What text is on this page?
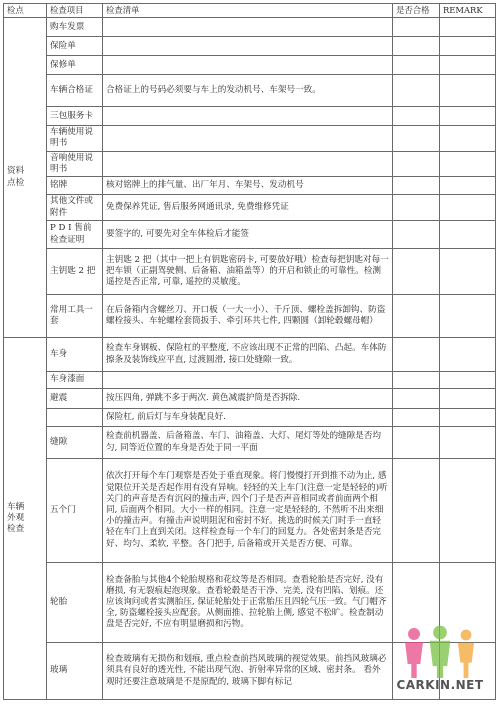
检点	检查项目	检查清单	是否合格	REMARK
资料
点检	购车发票			
	保险单			
	保修单			
	车辆合格证	合格证上的号码必须要与车上的发动机号、车架号一致。		
	三包服务卡			
	车辆使用说明书			
	音响使用说明书			
	铭牌	核对铭牌上的排气量、出厂年月、车架号、发动机号		
	其他文件或附件	免费保养凭证, 售后服务网通讯录, 免费维修凭证		
	P D I 售前检查证明	要签字的, 可要先对全车体检后才能签		
	主钥匙 2 把	主钥匙 2 把（其中一把上有钥匙密码卡, 可要放好哦）检查每把钥匙对每一把车锁（正副驾驶侧、后备箱、油箱盖等）的开启和锁止的可靠性。检测遥控是否正常, 可靠, 遥控的灵敏度。		
	常用工具一套	在后备箱内含螺丝刀、开口板（一大一小）、千斤顶、螺栓盖拆卸钩、防盗螺栓接头、车轮螺栓套筒扳手、牵引环共七件, 四颗圆（卸轮毂螺母帽）		
车辆
外观
检查	车身	检查车身钢板、保险杠的平整度, 不应该出现不正常的凹陷、凸起。车体防擦条及装饰线应平直, 过渡圆滑, 接口处缝隙一致。		
	车身漆面			
	避震	按压四角, 弹跳不多于两次. 黄色减震护筒是否拆除.		
		保险杠, 前后灯与车身装配良好.		
	缝隙	检查前机器盖、后备箱盖、车门、油箱盖、大灯、尾灯等处的缝隙是否均匀, 同等近位置的车身是否处于同一平面		
	五个门	依次打开每个车门观察是否处于垂直现象。将门慢慢打开到推不动为止, 感觉限位开关是否起作用有没有异响。轻轻的关上车门(注意一定是轻轻的)听关门的声音是否有沉闷的撞击声, 四个门子是否声音相同或者前面两个相同, 后面两个相同。大小一样的相同。注意一定是轻轻的, 不然听不出来细小的撞击声。有撞击声说明阻泥和密封不好。挑选的时候关门时手一直轻轻在车门上直到关闭。这样检查每一个车门的回复力。各处密封条是否完好、均匀、柔软, 平整。各门把手, 后备箱或开关是否方便、可靠。		
	轮胎	检查备胎与其他4个轮胎规格和花纹等是否相同。查看轮胎是否完好, 没有磨损, 有无裂痕起泡现象。查看轮毂是否干净、完美, 没有凹陷、划痕。还应该询问或者实测胎压, 保证轮胎处于正常胎压且四轮气压一致。气门帽齐全, 防盗螺栓接头应配套。从侧面推、拉轮胎上侧, 感觉不松旷。检查制动盘是否完好, 不应有明显磨损和污物。		
	玻璃	检查玻璃有无损伤和划痕, 重点检查前挡风玻璃的视觉效果。前挡风玻璃必须具有良好的透光性, 不能出现气泡、折射率异常的区域、密封条。 看外观时还要注意玻璃是不是原配的, 玻璃下脚有标记			CARKIN.NET
